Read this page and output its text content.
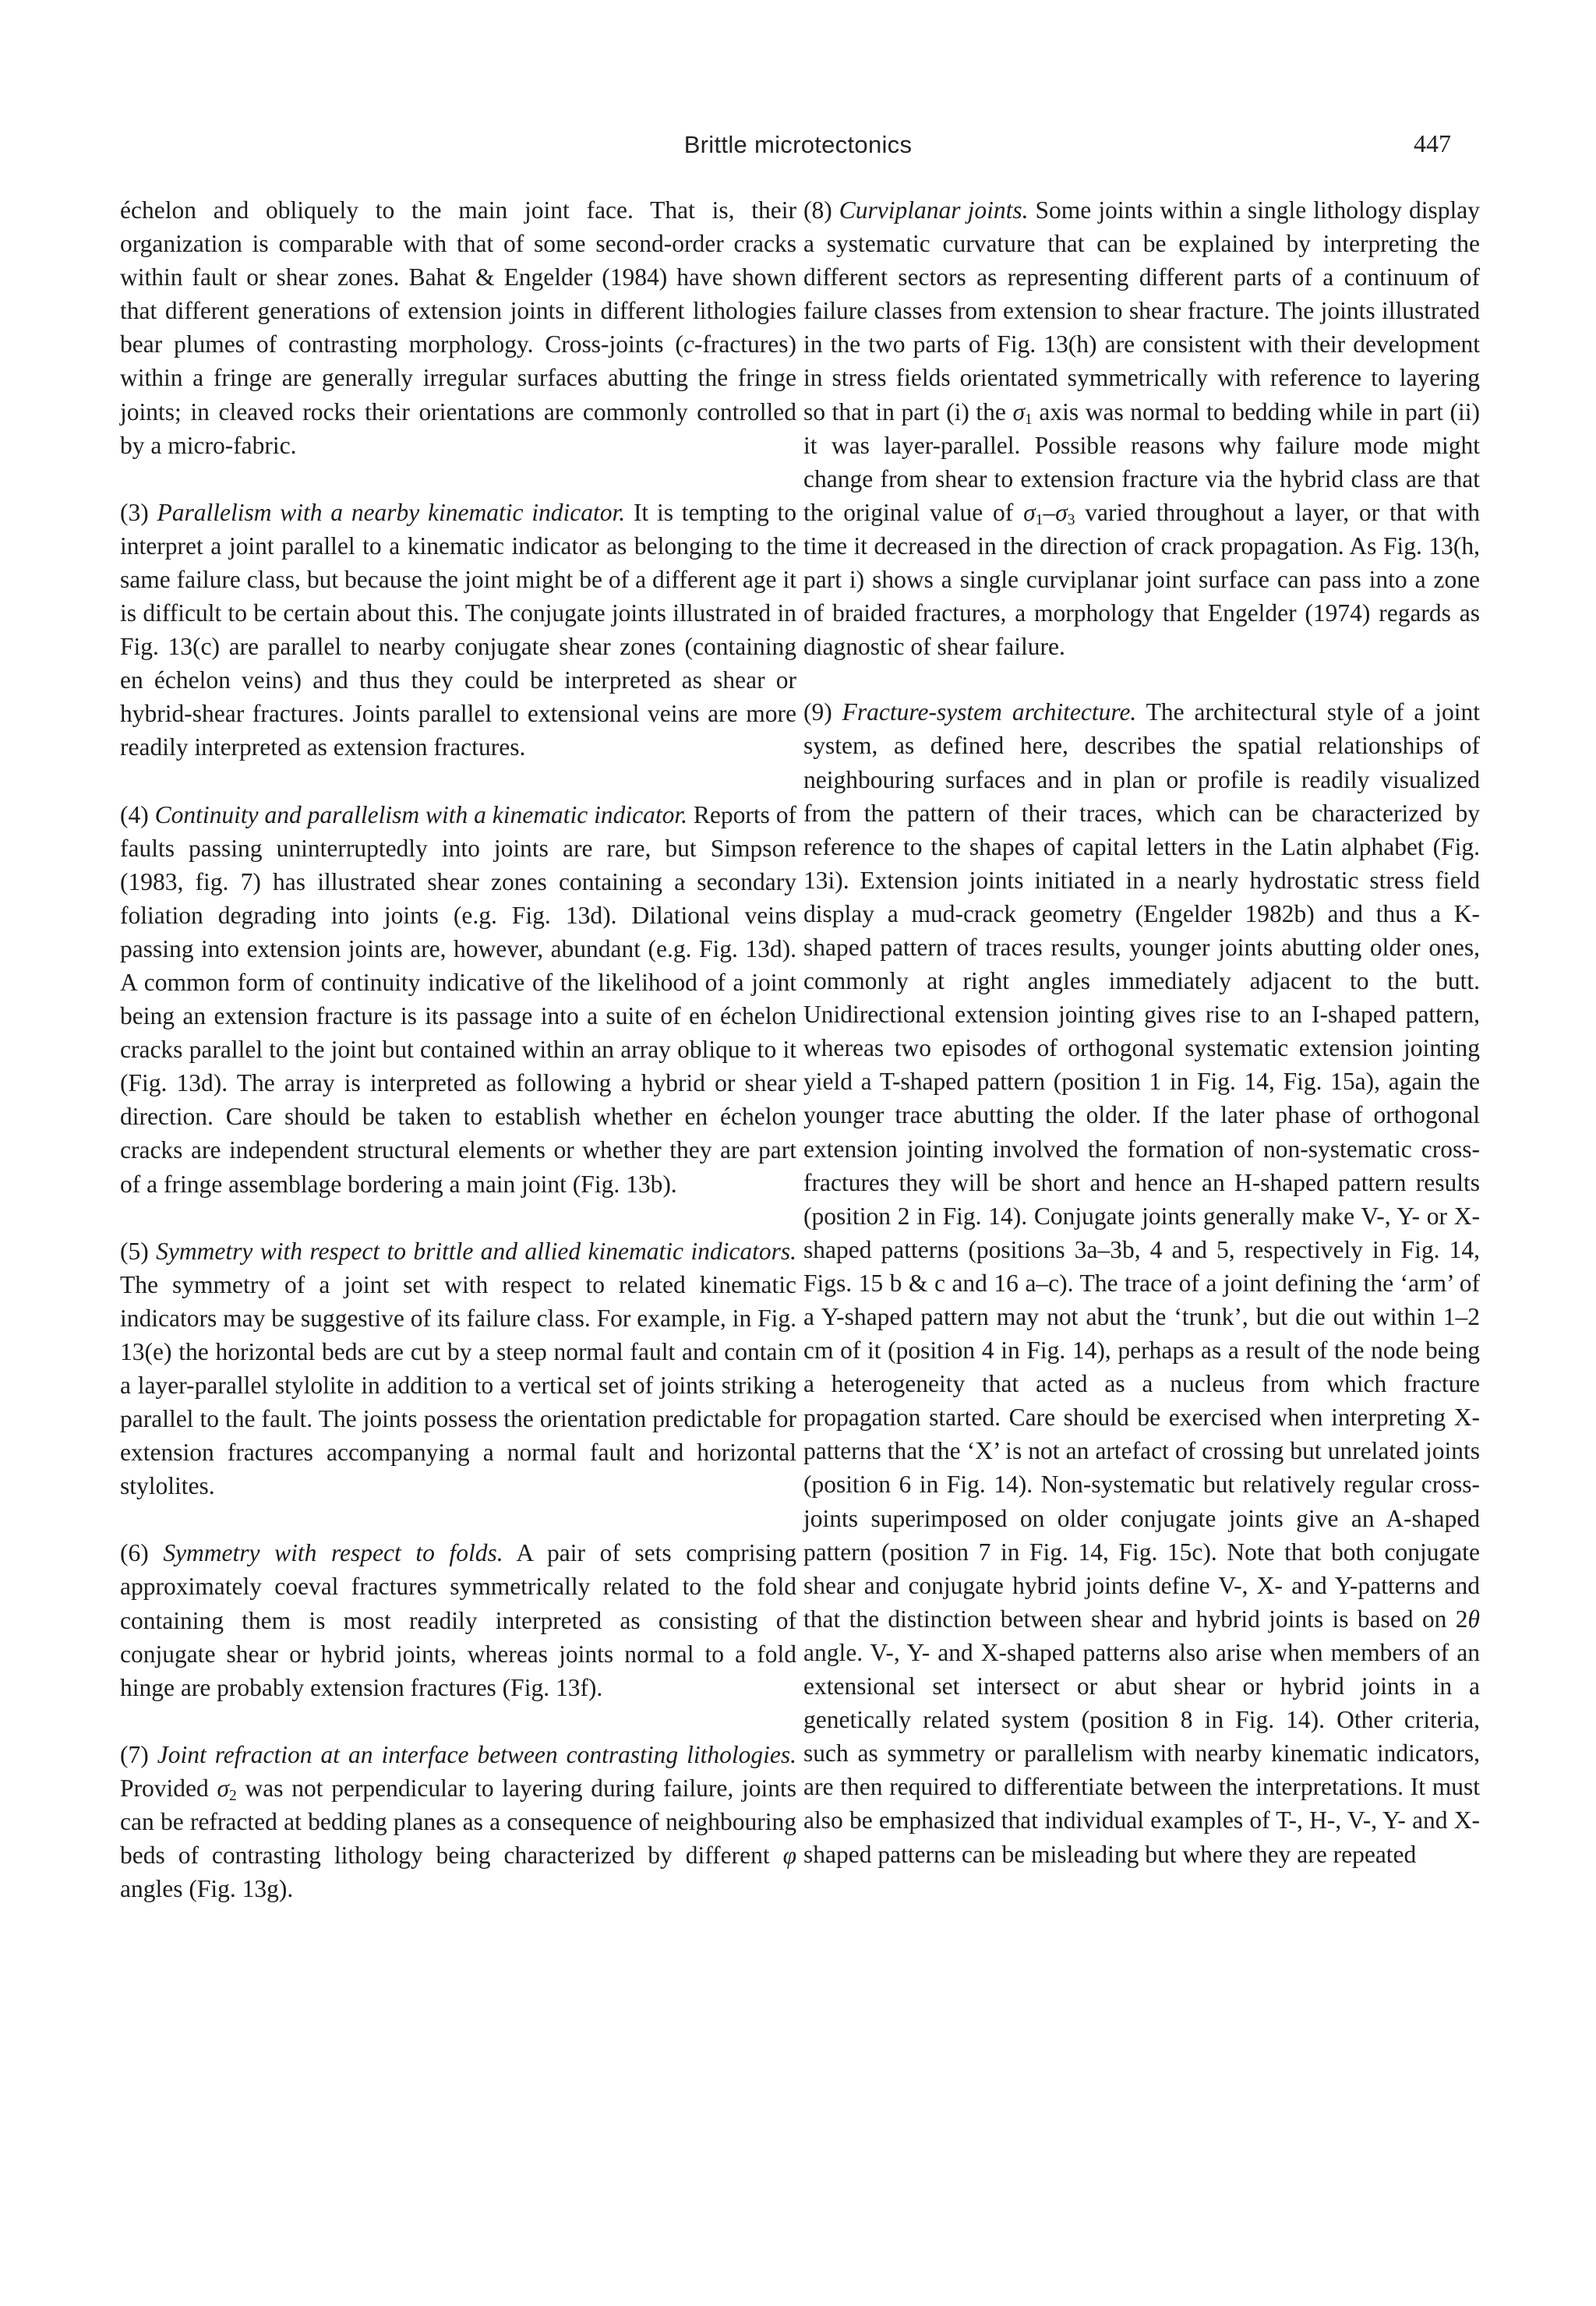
Brittle microtectonics	447

échelon and obliquely to the main joint face. That is, their organization is comparable with that of some second-order cracks within fault or shear zones. Bahat & Engelder (1984) have shown that different generations of extension joints in different lithologies bear plumes of contrasting morphology. Cross-joints (c-fractures) within a fringe are generally irregular surfaces abutting the fringe joints; in cleaved rocks their orientations are commonly controlled by a micro-fabric.

(3) Parallelism with a nearby kinematic indicator. It is tempting to interpret a joint parallel to a kinematic indicator as belonging to the same failure class, but because the joint might be of a different age it is difficult to be certain about this. The conjugate joints illustrated in Fig. 13(c) are parallel to nearby conjugate shear zones (containing en échelon veins) and thus they could be interpreted as shear or hybrid-shear fractures. Joints parallel to extensional veins are more readily interpreted as extension fractures.

(4) Continuity and parallelism with a kinematic indicator. Reports of faults passing uninterruptedly into joints are rare, but Simpson (1983, fig. 7) has illustrated shear zones containing a secondary foliation degrading into joints (e.g. Fig. 13d). Dilational veins passing into extension joints are, however, abundant (e.g. Fig. 13d). A common form of continuity indicative of the likelihood of a joint being an extension fracture is its passage into a suite of en échelon cracks parallel to the joint but contained within an array oblique to it (Fig. 13d). The array is interpreted as following a hybrid or shear direction. Care should be taken to establish whether en échelon cracks are independent structural elements or whether they are part of a fringe assemblage bordering a main joint (Fig. 13b).

(5) Symmetry with respect to brittle and allied kinematic indicators. The symmetry of a joint set with respect to related kinematic indicators may be suggestive of its failure class. For example, in Fig. 13(e) the horizontal beds are cut by a steep normal fault and contain a layer-parallel stylolite in addition to a vertical set of joints striking parallel to the fault. The joints possess the orientation predictable for extension fractures accompanying a normal fault and horizontal stylolites.

(6) Symmetry with respect to folds. A pair of sets comprising approximately coeval fractures symmetrically related to the fold containing them is most readily interpreted as consisting of conjugate shear or hybrid joints, whereas joints normal to a fold hinge are probably extension fractures (Fig. 13f).

(7) Joint refraction at an interface between contrasting lithologies. Provided $\sigma_2$ was not perpendicular to layering during failure, joints can be refracted at bedding planes as a consequence of neighbouring beds of contrasting lithology being characterized by different φ angles (Fig. 13g).

(8) Curviplanar joints. Some joints within a single lithology display a systematic curvature that can be explained by interpreting the different sectors as representing different parts of a continuum of failure classes from extension to shear fracture. The joints illustrated in the two parts of Fig. 13(h) are consistent with their development in stress fields orientated symmetrically with reference to layering so that in part (i) the $\sigma_1$ axis was normal to bedding while in part (ii) it was layer-parallel. Possible reasons why failure mode might change from shear to extension fracture via the hybrid class are that the original value of $\sigma_1-\sigma_3$ varied throughout a layer, or that with time it decreased in the direction of crack propagation. As Fig. 13(h, part i) shows a single curviplanar joint surface can pass into a zone of braided fractures, a morphology that Engelder (1974) regards as diagnostic of shear failure.

(9) Fracture-system architecture. The architectural style of a joint system, as defined here, describes the spatial relationships of neighbouring surfaces and in plan or profile is readily visualized from the pattern of their traces, which can be characterized by reference to the shapes of capital letters in the Latin alphabet (Fig. 13i). Extension joints initiated in a nearly hydrostatic stress field display a mud-crack geometry (Engelder 1982b) and thus a K-shaped pattern of traces results, younger joints abutting older ones, commonly at right angles immediately adjacent to the butt. Unidirectional extension jointing gives rise to an I-shaped pattern, whereas two episodes of orthogonal systematic extension jointing yield a T-shaped pattern (position 1 in Fig. 14, Fig. 15a), again the younger trace abutting the older. If the later phase of orthogonal extension jointing involved the formation of non-systematic cross-fractures they will be short and hence an H-shaped pattern results (position 2 in Fig. 14). Conjugate joints generally make V-, Y- or X-shaped patterns (positions 3a–3b, 4 and 5, respectively in Fig. 14, Figs. 15 b & c and 16 a–c). The trace of a joint defining the ‘arm’ of a Y-shaped pattern may not abut the ‘trunk’, but die out within 1–2 cm of it (position 4 in Fig. 14), perhaps as a result of the node being a heterogeneity that acted as a nucleus from which fracture propagation started. Care should be exercised when interpreting X-patterns that the ‘X’ is not an artefact of crossing but unrelated joints (position 6 in Fig. 14). Non-systematic but relatively regular cross-joints superimposed on older conjugate joints give an A-shaped pattern (position 7 in Fig. 14, Fig. 15c). Note that both conjugate shear and conjugate hybrid joints define V-, X- and Y-patterns and that the distinction between shear and hybrid joints is based on 2θ angle. V-, Y- and X-shaped patterns also arise when members of an extensional set intersect or abut shear or hybrid joints in a genetically related system (position 8 in Fig. 14). Other criteria, such as symmetry or parallelism with nearby kinematic indicators, are then required to differentiate between the interpretations. It must also be emphasized that individual examples of T-, H-, V-, Y- and X-shaped patterns can be misleading but where they are repeated
